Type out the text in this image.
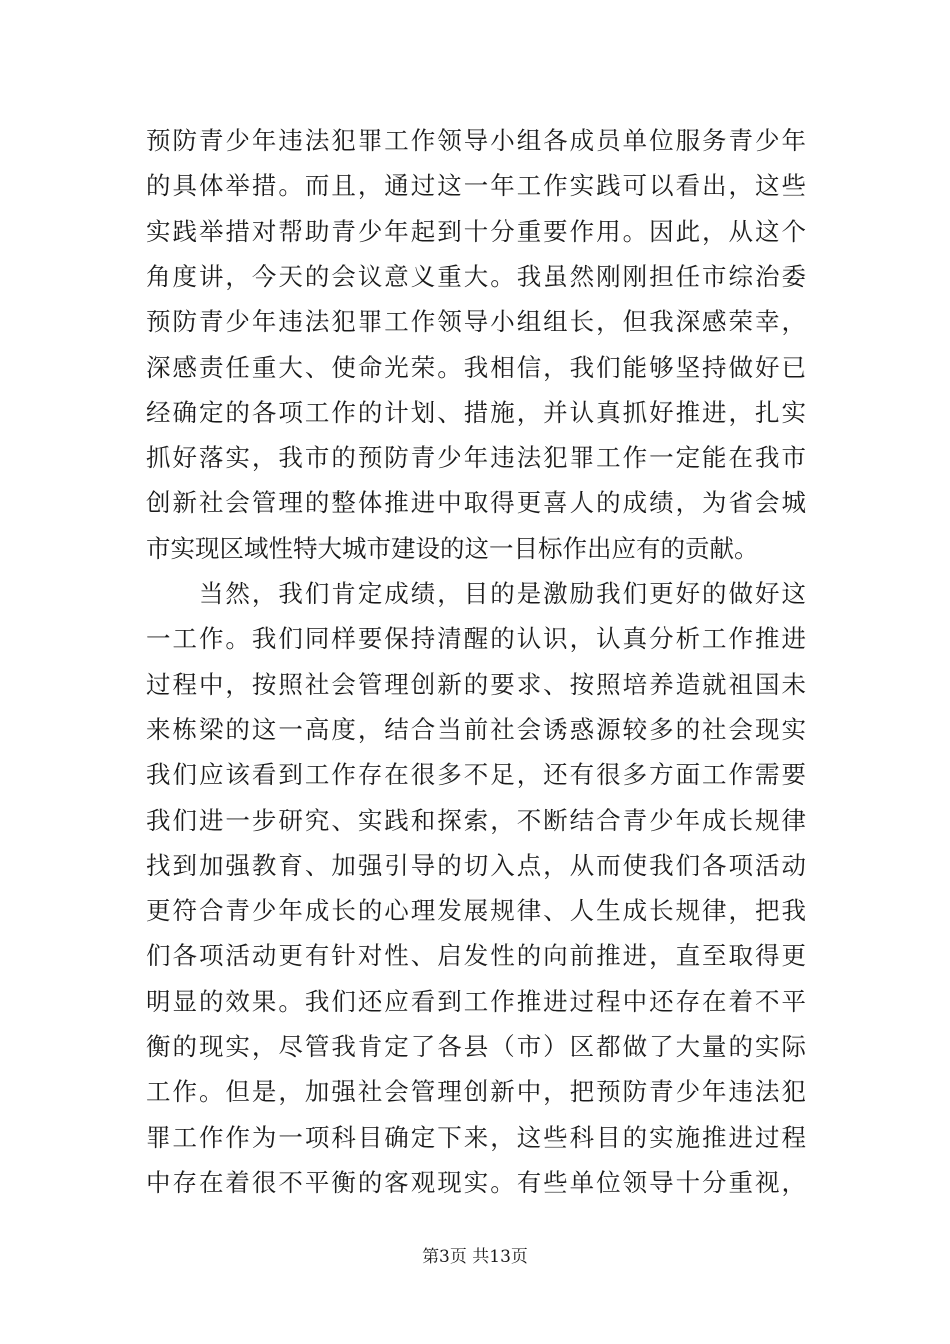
预防青少年违法犯罪工作领导小组各成员单位服务青少年
的具体举措。而且，通过这一年工作实践可以看出，这些
实践举措对帮助青少年起到十分重要作用。因此，从这个
角度讲，今天的会议意义重大。我虽然刚刚担任市综治委
预防青少年违法犯罪工作领导小组组长，但我深感荣幸，
深感责任重大、使命光荣。我相信，我们能够坚持做好已
经确定的各项工作的计划、措施，并认真抓好推进，扎实
抓好落实，我市的预防青少年违法犯罪工作一定能在我市
创新社会管理的整体推进中取得更喜人的成绩，为省会城
市实现区域性特大城市建设的这一目标作出应有的贡献。
　　当然，我们肯定成绩，目的是激励我们更好的做好这
一工作。我们同样要保持清醒的认识，认真分析工作推进
过程中，按照社会管理创新的要求、按照培养造就祖国未
来栋梁的这一高度，结合当前社会诱惑源较多的社会现实
我们应该看到工作存在很多不足，还有很多方面工作需要
我们进一步研究、实践和探索，不断结合青少年成长规律
找到加强教育、加强引导的切入点，从而使我们各项活动
更符合青少年成长的心理发展规律、人生成长规律，把我
们各项活动更有针对性、启发性的向前推进，直至取得更
明显的效果。我们还应看到工作推进过程中还存在着不平
衡的现实，尽管我肯定了各县（市）区都做了大量的实际
工作。但是，加强社会管理创新中，把预防青少年违法犯
罪工作作为一项科目确定下来，这些科目的实施推进过程
中存在着很不平衡的客观现实。有些单位领导十分重视，
第3页 共13页
